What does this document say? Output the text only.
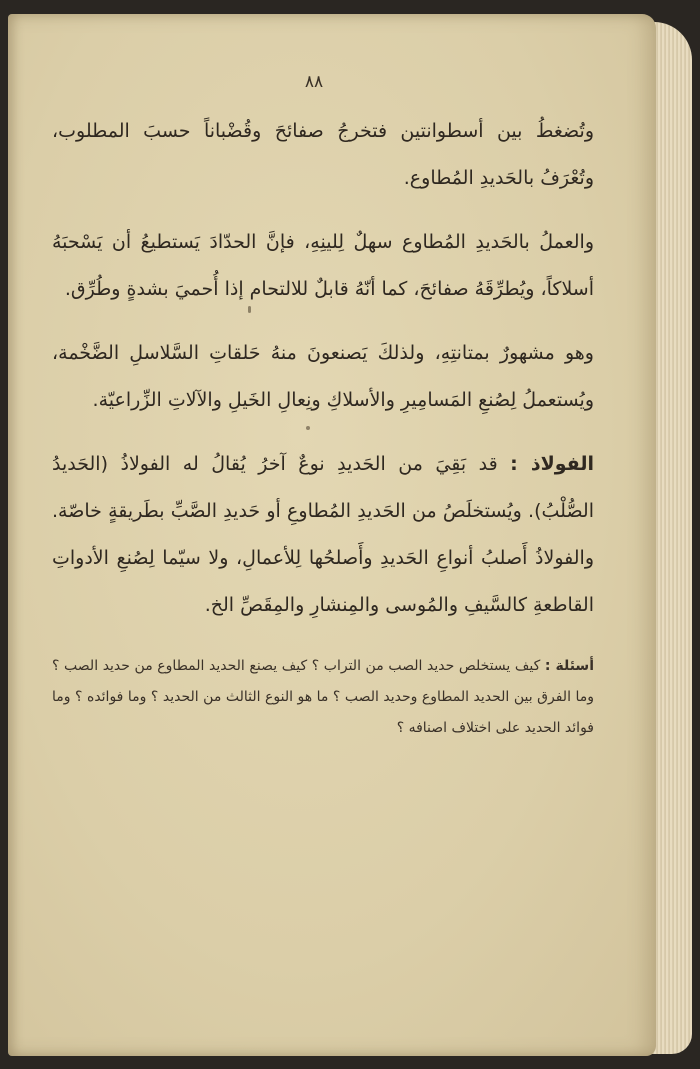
٨٨

وتُضغطُ بين أسطوانتين فتخرجُ صفائحَ وقُضْباناً حسبَ المطلوب، وتُعْرَفُ بالحَديدِ المُطاوع.

والعملُ بالحَديدِ المُطاوع سهلٌ لِلينِهِ، فإنَّ الحدّادَ يَستطيعُ أن يَسْحبَهُ أسلاكاً، ويُطرِّقَهُ صفائحَ، كما أنّهُ قابلٌ للالتحام إذا أُحميَ بشدةٍ وطُرِّق.

وهو مشهورٌ بمتانتِهِ، ولذلكَ يَصنعونَ منهُ حَلقاتِ السَّلاسلِ الضَّخْمة، ويُستعملُ لِصُنعِ المَسامِيرِ والأسلاكِ ونِعالِ الخَيلِ والآلاتِ الزِّراعيّة.

الفولاذ : قد بَقِيَ من الحَديدِ نوعٌ آخرُ يُقالُ له الفولاذُ (الحَديدُ الصُّلْبُ). ويُستخلَصُ من الحَديدِ المُطاوعِ أو حَديدِ الصَّبِّ بطَريقةٍ خاصّة. والفولاذُ أَصلبُ أنواعِ الحَديدِ وأَصلحُها لِلأعمالِ، ولا سيّما لِصُنعِ الأدواتِ القاطعةِ كالسَّيفِ والمُوسى والمِنشارِ والمِقَصِّ الخ.

أسئلة : كيف يستخلص حديد الصب من التراب ؟ كيف يصنع الحديد المطاوع من حديد الصب ؟ وما الفرق بين الحديد المطاوع وحديد الصب ؟ ما هو النوع الثالث من الحديد ؟ وما فوائده ؟ وما فوائد الحديد على اختلاف اصنافه ؟
